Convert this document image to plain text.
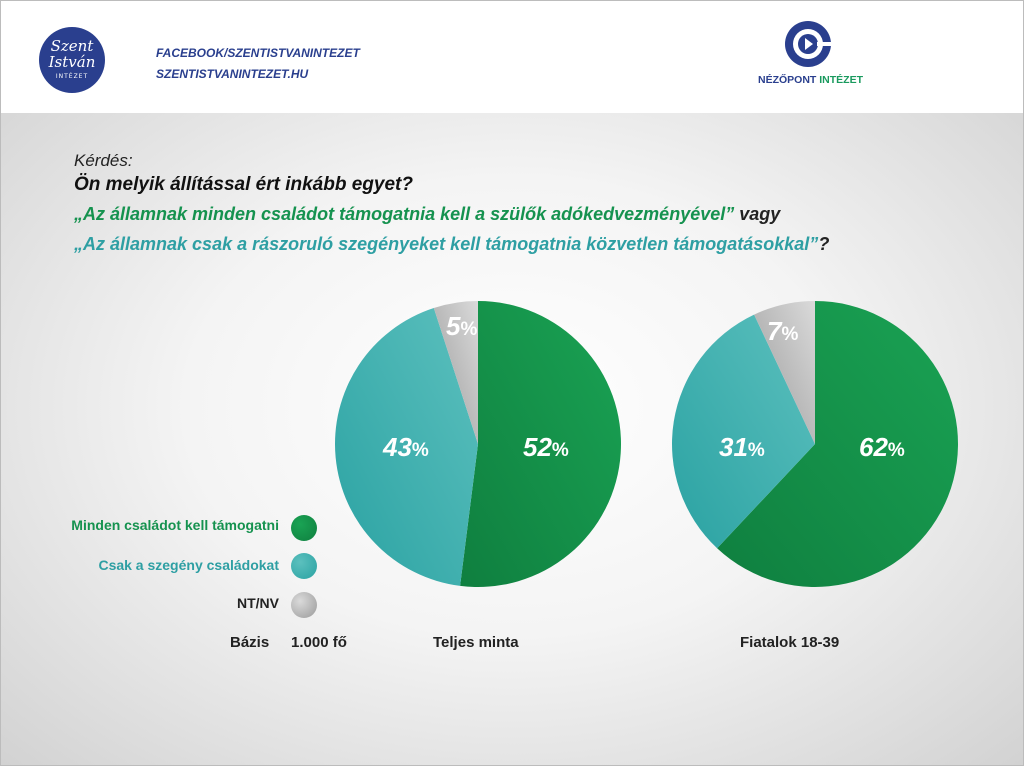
Szent
István
INTÉZET
FACEBOOK/SZENTISTVANINTEZET
SZENTISTVANINTEZET.HU	NÉZŐPONT INTÉZET
Kérdés:
Ön melyik állítással ért inkább egyet?
„Az államnak minden családot támogatnia kell a szülők adókedvezményével” vagy
„Az államnak csak a rászoruló szegényeket kell támogatnia közvetlen támogatásokkal”?
52%
43%
5%
62%
31%
7%
Minden családot kell támogatni
Csak a szegény családokat
NT/NV
Bázis 1.000 fő	Teljes minta	Fiatalok 18-39
